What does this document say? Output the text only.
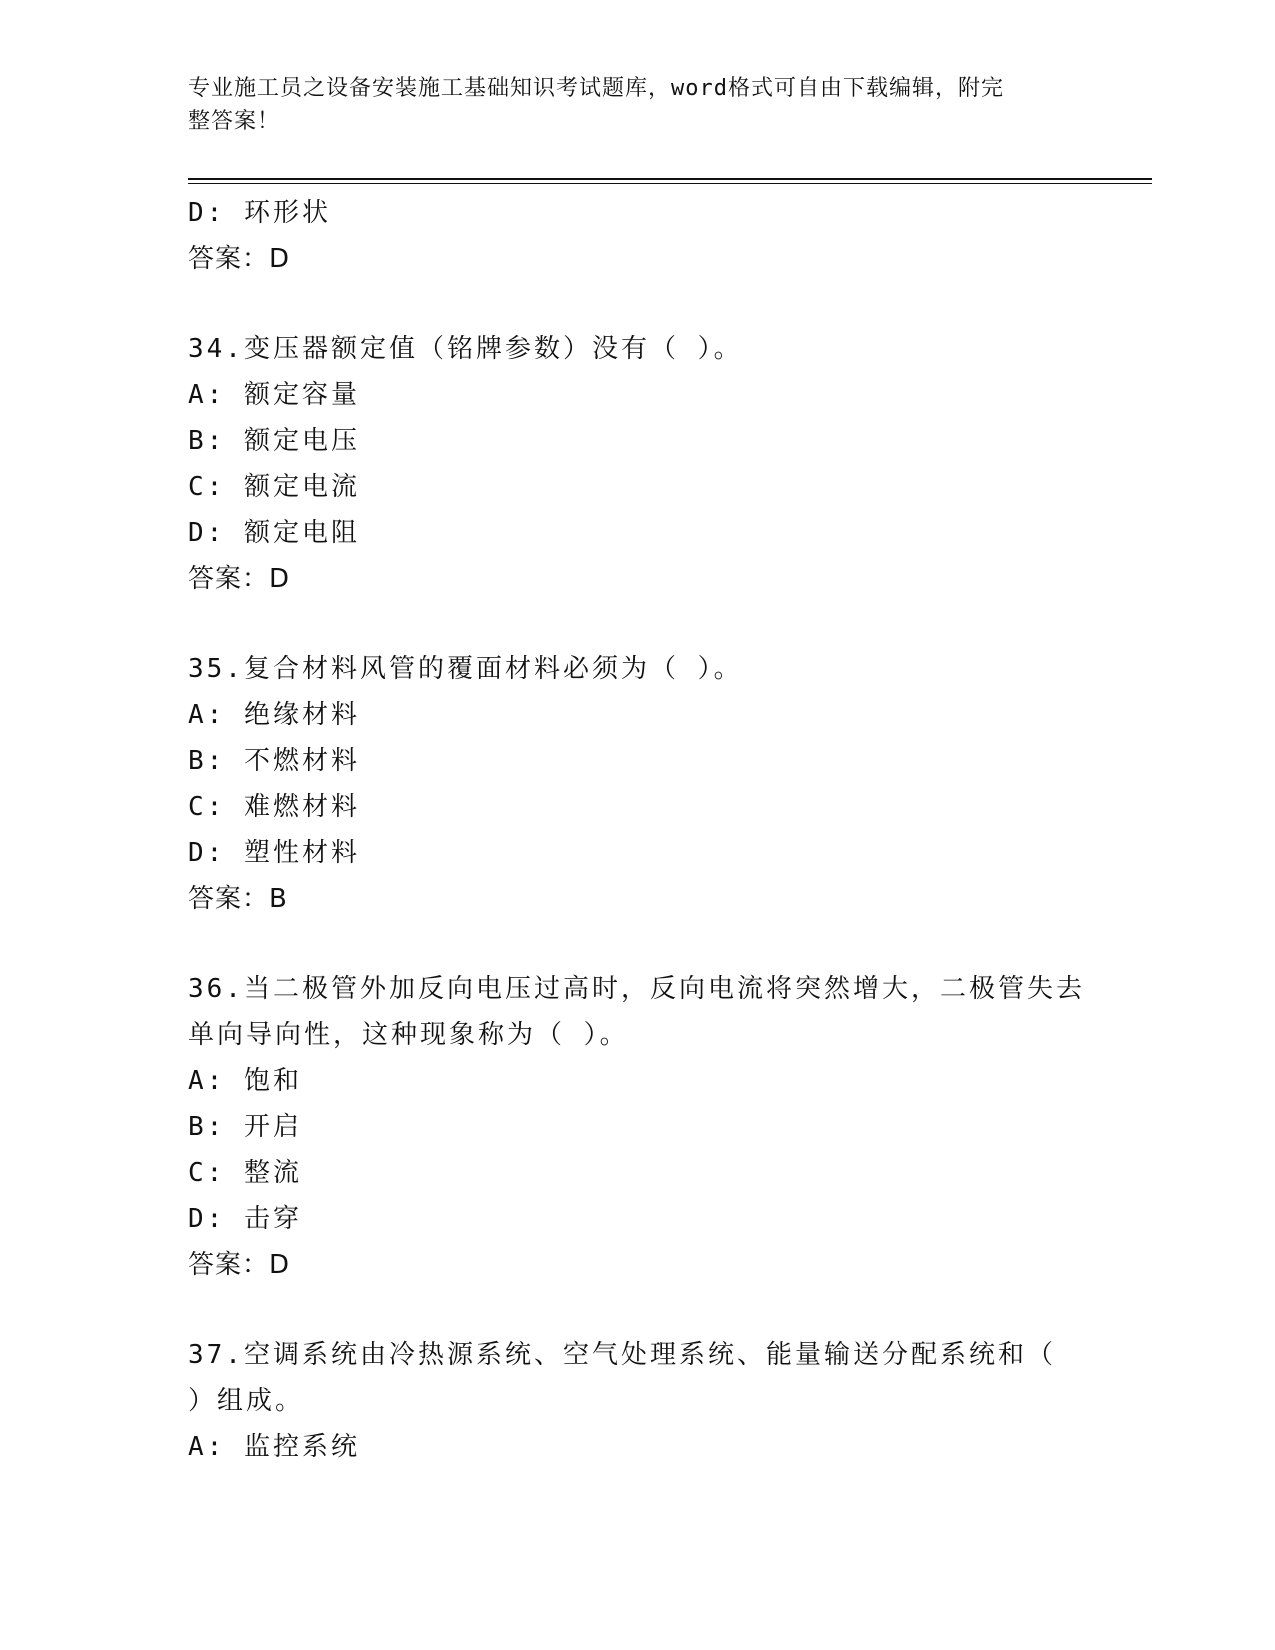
专业施工员之设备安装施工基础知识考试题库，word格式可自由下载编辑，附完
整答案！
D: 环形状
答案：D
34.变压器额定值（铭牌参数）没有（ ）。
A: 额定容量
B: 额定电压
C: 额定电流
D: 额定电阻
答案：D
35.复合材料风管的覆面材料必须为（ ）。
A: 绝缘材料
B: 不燃材料
C: 难燃材料
D: 塑性材料
答案：B
36.当二极管外加反向电压过高时，反向电流将突然增大，二极管失去
单向导向性，这种现象称为（ ）。
A: 饱和
B: 开启
C: 整流
D: 击穿
答案：D
37.空调系统由冷热源系统、空气处理系统、能量输送分配系统和（
）组成。
A: 监控系统
